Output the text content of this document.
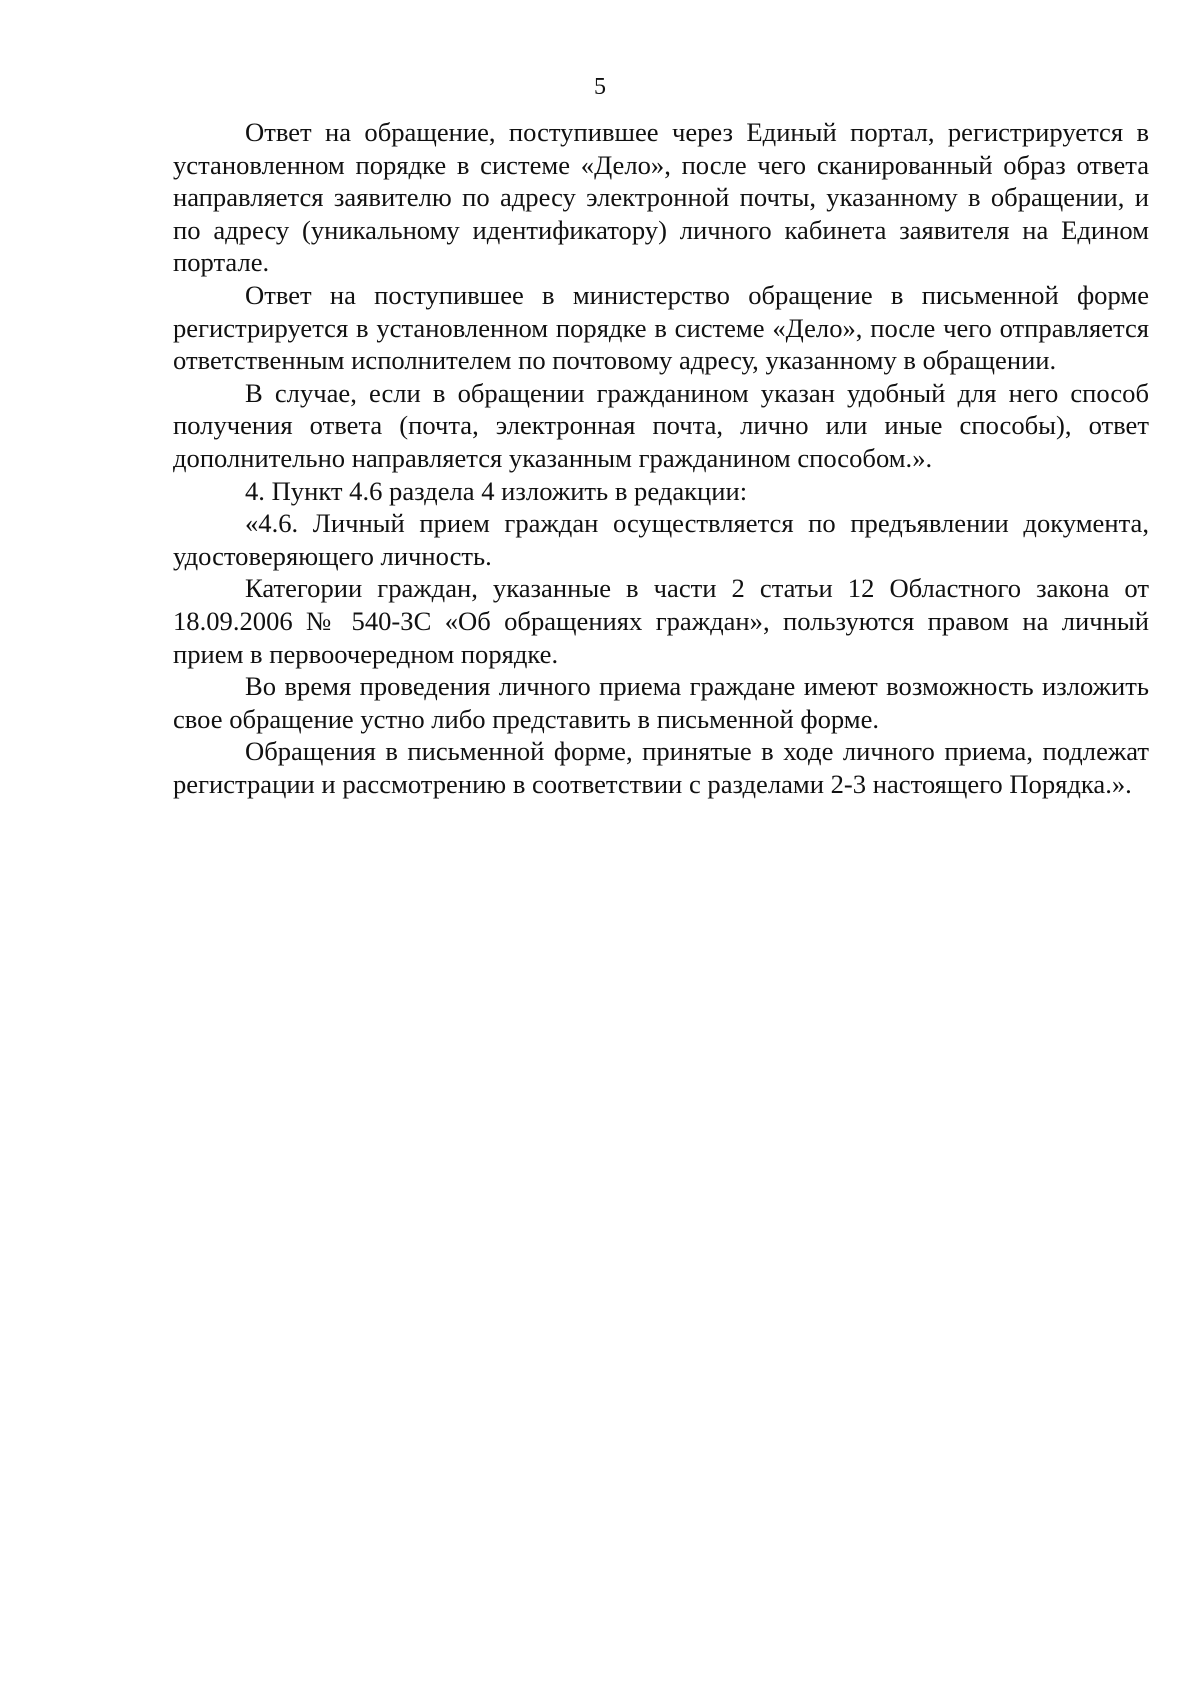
5

Ответ на обращение, поступившее через Единый портал, регистрируется в установленном порядке в системе «Дело», после чего сканированный образ ответа направляется заявителю по адресу электронной почты, указанному в обращении, и по адресу (уникальному идентификатору) личного кабинета заявителя на Едином портале.

Ответ на поступившее в министерство обращение в письменной форме регистрируется в установленном порядке в системе «Дело», после чего отправляется ответственным исполнителем по почтовому адресу, указанному в обращении.

В случае, если в обращении гражданином указан удобный для него способ получения ответа (почта, электронная почта, лично или иные способы), ответ дополнительно направляется указанным гражданином способом.».

4. Пункт 4.6 раздела 4 изложить в редакции:

«4.6. Личный прием граждан осуществляется по предъявлении документа, удостоверяющего личность.

Категории граждан, указанные в части 2 статьи 12 Областного закона от 18.09.2006 № 540-ЗС «Об обращениях граждан», пользуются правом на личный прием в первоочередном порядке.

Во время проведения личного приема граждане имеют возможность изложить свое обращение устно либо представить в письменной форме.

Обращения в письменной форме, принятые в ходе личного приема, подлежат регистрации и рассмотрению в соответствии с разделами 2-3 настоящего Порядка.».
